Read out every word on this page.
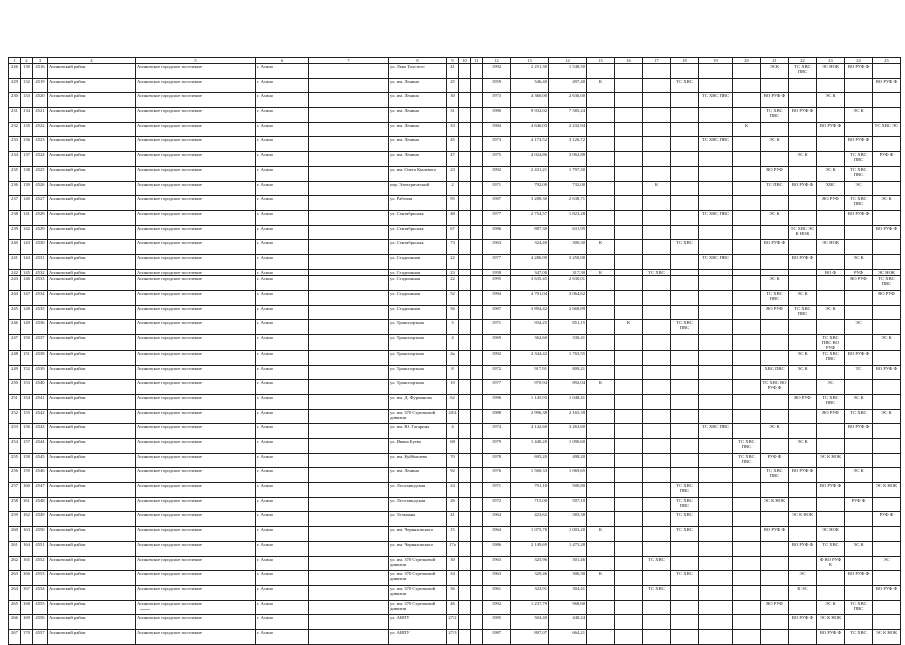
1	2	3	4	5	6	7	8	9	10	11	12	13	14	15	16	17	18	19	20	21	22	23	24	25
226	130	4516	Асиновский район	Асиновское городское поселение	г. Асино		ул. Льва Толстого	41			1992	2 251,30	1 548,50							ЭСК	ТС ХВС ПВС	ЭС НОК	ВО РУФ Ф	
229	132	4519	Асиновский район	Асиновское городское поселение	г. Асино		ул. им. Ленина	25			1959	546,40	497,40	К			ТС ХВС							ВО РУФ Ф
230	133	4520	Асиновский район	Асиновское городское поселение	г. Асино		ул. им. Ленина	30			1973	4 360,00	2 636,00					ТС ХВС ПВС		ВО РУФ Ф		ЭС К		
231	134	4521	Асиновский район	Асиновское городское поселение	г. Асино		ул. им. Ленина	31			1980	9 932,02	7 585,24							ТС ХВС ПВС	ВО РУФ Ф		ЭС К	
232	135	4522	Асиновский район	Асиновское городское поселение	г. Асино		ул. им. Ленина	33			1984	4 646,03	2 232,94						К			ВО РУФ Ф		ТС ХВС ЭС
233	136	4523	Асиновский район	Асиновское городское поселение	г. Асино		ул. им. Ленина	45			1973	4 173,52	3 126,72					ТС ХВС ПВС		ЭС К			ВО РУФ Ф	
234	137	4524	Асиновский район	Асиновское городское поселение	г. Асино		ул. им. Ленина	47			1975	4 024,86	3 062,88								ЭС К		ТС ХВС ПВС	РУФ Ф
235	138	4525	Асиновский район	Асиновское городское поселение	г. Асино		ул. им. Олега Кошевого	23			1992	2 431,21	1 797,30							ВО РУФ		ЭС К	ТС ХВС ПВС	
236	139	4526	Асиновский район	Асиновское городское поселение	г. Асино		пер. Электрический	2			1971	792,00	732,00			К				ТС ПВС	ВО РУФ Ф	ХВС	ЭС	
237	140	4527	Асиновский район	Асиновское городское поселение	г. Асино		ул. Рабочая	95			1987	3 288,30	2 638,71									ВО РУФ	ТС ХВС ПВС	ЭС К
238	141	4528	Асиновский район	Асиновское городское поселение	г. Асино		ул. Сентябрьская	48			1977	2 754,57	1 823,28					ТС ХВС ПВС		ЭС К			ВО РУФ Ф	
239	142	4529	Асиновский район	Асиновское городское поселение	г. Асино		ул. Сентябрьская	67			1986	887,30	631,95								ТС ХВС ЭС К НОК			ВО РУФ Ф
240	143	4530	Асиновский район	Асиновское городское поселение	г. Асино		ул. Сентябрьская	73			1963	324,40	300,30	К			ТС ХВС			ВО РУФ Ф		ЭС НОК		
241	144	4531	Асиновский район	Асиновское городское поселение	г. Асино		ул. Стадионная	22			1977	4 286,90	3 250,00					ТС ХВС ПВС			ВО РУФ Ф		ЭС К	
242	145	4532	Асиновский район	Асиновское городское поселение	г. Асино		ул. Стадионная	23			1958	347,00	317,30	К		ТС ХВС						ВО Ф	РУФ	ЭС НОК
243	146	4533	Асиновский район	Асиновское городское поселение	г. Асино		ул. Стадионная	22			1995	3 635,45	2 630,01							ЭС К			ВО РУФ	ТС ХВС ПВС
244	147	4534	Асиновский район	Асиновское городское поселение	г. Асино		ул. Стадионная	52			1994	4 791,04	3 064,62							ТС ХВС ПВС	ЭС К			ВО РУФ
245	148	4535	Асиновский район	Асиновское городское поселение	г. Асино		ул. Стадионная	56			1987	3 894,42	2 668,89							ВО РУФ	ТС ХВС ПВС	ЭС К		
246	149	4536	Асиновский район	Асиновское городское поселение	г. Асино		ул. Транспортная	3			1971	934,25	851,15		К		ТС ХВС ПВС						ЭС	
247	150	4537	Асиновский район	Асиновское городское поселение	г. Асино		ул. Транспортная	4			1969	362,60	330,41									ТС ХВС ПВС ВО РУФ		ЭС К
248	151	4538	Асиновский район	Асиновское городское поселение	г. Асино		ул. Транспортная	4а			1992	2 344,42	1 763,55								ЭС К	ТС ХВС ПВС	ВО РУФ Ф	
249	152	4539	Асиновский район	Асиновское городское поселение	г. Асино		ул. Транспортная	8			1972	917,91	809,21							ХВС ПВС	ЭС К		ТС	ВО РУФ Ф
250	153	4540	Асиновский район	Асиновское городское поселение	г. Асино		ул. Транспортная	10			1977	970,94	892,04	К						ТС ХВС ВО РУФ Ф		ЭС		
251	154	4541	Асиновский район	Асиновское городское поселение	г. Асино		ул. им. Д. Фурманова	62			1996	1 145,93	1 048,41								ВО РУФ	ТС ХВС ПВС	ЭС К	
252	155	4542	Асиновский район	Асиновское городское поселение	г. Асино		ул. им. 370 Стрелковой дивизии	20/4			1988	2 996,38	2 165,39									ВО РУФ	ТС ХВС	ЭС К
253	156	4543	Асиновский район	Асиновское городское поселение	г. Асино		ул. им. Ю. Гагарина	4			1974	4 142,60	3 263,60					ТС ХВС ПВС		ЭС К			ВО РУФ Ф	
254	157	4544	Асиновский район	Асиновское городское поселение	г. Асино		ул. Ивана Буева	68			1979	1 440,20	1 090,60						ТС ХВС ПВС		ЭС К			
255	158	4545	Асиновский район	Асиновское городское поселение	г. Асино		ул. им. Куйбышева	70			1978	695,20	498,20						ТС ХВС ПВС	РУФ Ф		ЭС К НОК		
256	159	4546	Асиновский район	Асиновское городское поселение	г. Асино		ул. им. Ленина	92			1976	1 560,33	1 069,65							ТС ХВС ПВС	ВО РУФ Ф		ЭС К	
257	160	4547	Асиновский район	Асиновское городское поселение	г. Асино		ул. Лесозаводская	24			1971	791,10	500,80				ТС ХВС ПВС					ВО РУФ Ф		ЭС К НОК
258	161	4548	Асиновский район	Асиновское городское поселение	г. Асино		ул. Лесозаводская	26			1972	715,00	507,10				ТС ХВС ПВС			ЭС К НОК			РУФ Ф	
259	162	4549	Асиновский район	Асиновское городское поселение	г. Асино		ул. Тельмана	41			1964	423,62	383,38				ТС ХВС				ЭС К НОК			РУФ Ф
260	163	4550	Асиновский район	Асиновское городское поселение	г. Асино		ул. им. Черняховского	15			1964	1 075,70	1 003,20	К			ТС ХВС			ВО РУФ Ф		ЭС НОК		
261	164	4551	Асиновский район	Асиновское городское поселение	г. Асино		ул. им. Черняховского	17а			1986	2 149,69	1 475,28								ВО РУФ Ф	ТС ХВС	ЭС К	
262	165	4552	Асиновский район	Асиновское городское поселение	г. Асино		ул. им. 370 Стрелковой дивизии	30			1963	325,96	301,46			ТС ХВС						Ф ВО РУФ К		ЭС
263	166	4553	Асиновский район	Асиновское городское поселение	г. Асино		ул. им. 370 Стрелковой дивизии	34			1963	329,46	306,30	К			ТС ХВС				ЭС		ВО РУФ Ф	
264	167	4554	Асиновский район	Асиновское городское поселение	г. Асино		ул. им. 370 Стрелковой дивизии	36			1961	323,91	304,41			ТС ХВС					К ЭС			ВО РУФ Ф
265	168	4555	Асиновский район	Асиновское городское поселение	г. Асино		ул. им. 370 Стрелковой дивизии	46			1992	1 237,79	968,60							ВО РУФ		ЭС К	ТС ХВС ПВС	
266	169	4556	Асиновский район	Асиновское городское поселение	г. Асино		ул. АВПУ	27/2			1985	504,40	440,24								ВО РУФ Ф	ЭС К НОК		
267	170	4557	Асиновский район	Асиновское городское поселение	г. Асино		ул. АВПУ	27/3			1987	807,07	664,21									ВО РУФ Ф	ТС ХВС	ЭС К НОК
